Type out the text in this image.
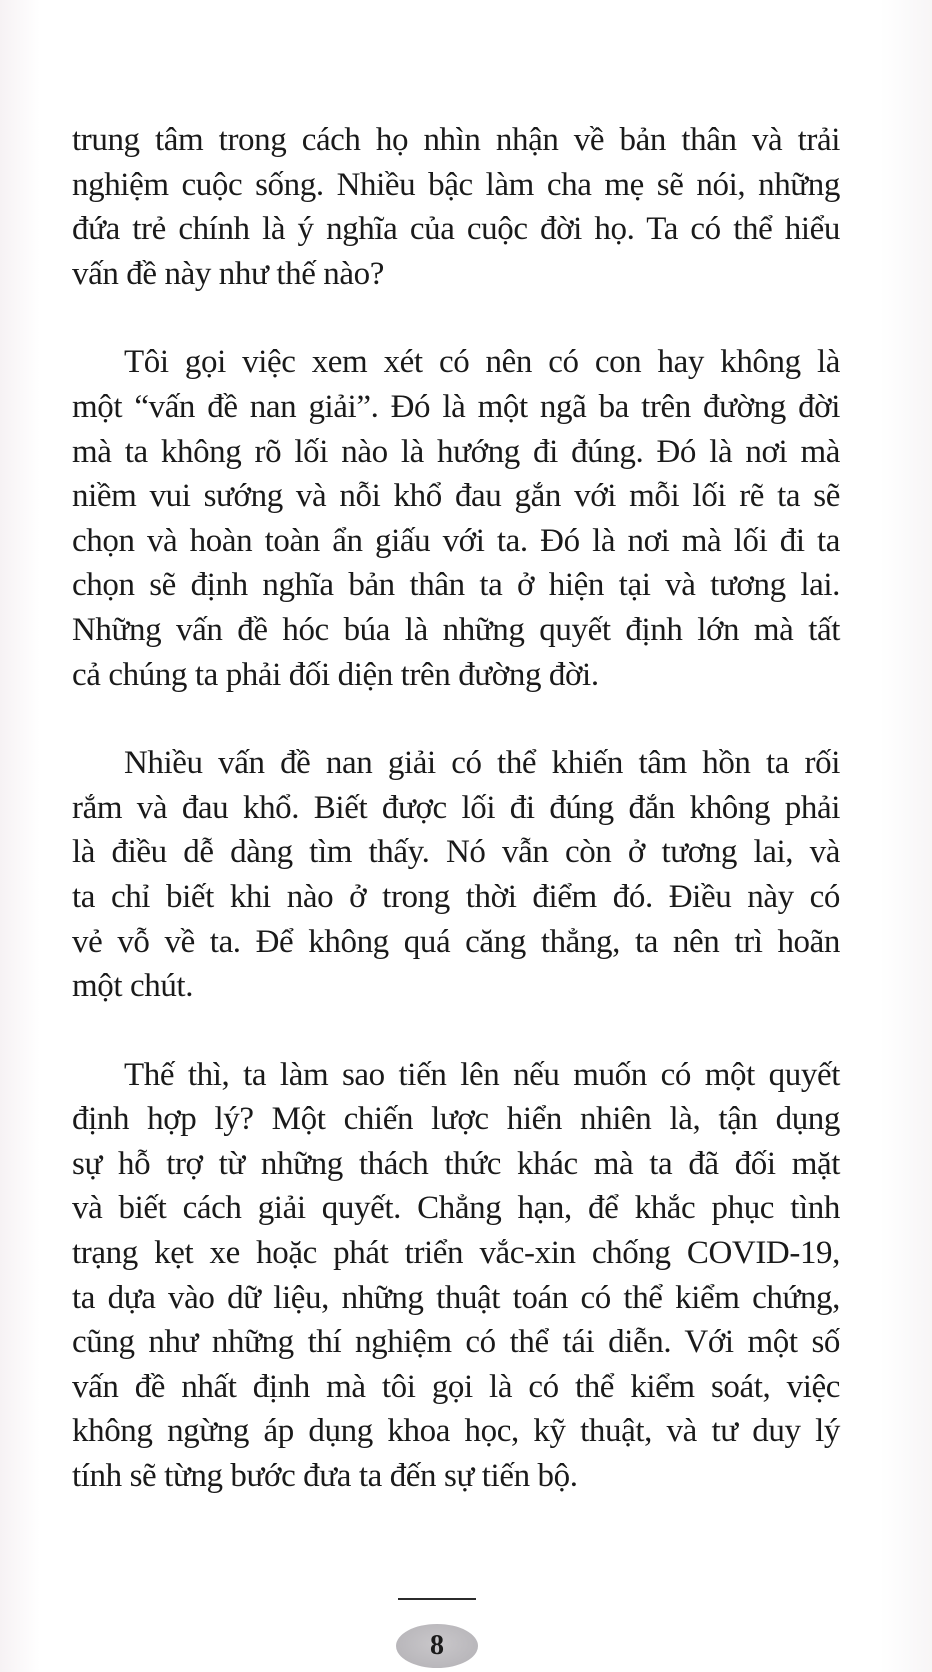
trung tâm trong cách họ nhìn nhận về bản thân và trải
nghiệm cuộc sống. Nhiều bậc làm cha mẹ sẽ nói, những
đứa trẻ chính là ý nghĩa của cuộc đời họ. Ta có thể hiểu
vấn đề này như thế nào?

Tôi gọi việc xem xét có nên có con hay không là
một “vấn đề nan giải”. Đó là một ngã ba trên đường đời
mà ta không rõ lối nào là hướng đi đúng. Đó là nơi mà
niềm vui sướng và nỗi khổ đau gắn với mỗi lối rẽ ta sẽ
chọn và hoàn toàn ẩn giấu với ta. Đó là nơi mà lối đi ta
chọn sẽ định nghĩa bản thân ta ở hiện tại và tương lai.
Những vấn đề hóc búa là những quyết định lớn mà tất
cả chúng ta phải đối diện trên đường đời.

Nhiều vấn đề nan giải có thể khiến tâm hồn ta rối
rắm và đau khổ. Biết được lối đi đúng đắn không phải
là điều dễ dàng tìm thấy. Nó vẫn còn ở tương lai, và
ta chỉ biết khi nào ở trong thời điểm đó. Điều này có
vẻ vỗ về ta. Để không quá căng thẳng, ta nên trì hoãn
một chút.

Thế thì, ta làm sao tiến lên nếu muốn có một quyết
định hợp lý? Một chiến lược hiển nhiên là, tận dụng
sự hỗ trợ từ những thách thức khác mà ta đã đối mặt
và biết cách giải quyết. Chẳng hạn, để khắc phục tình
trạng kẹt xe hoặc phát triển vắc-xin chống COVID-19,
ta dựa vào dữ liệu, những thuật toán có thể kiểm chứng,
cũng như những thí nghiệm có thể tái diễn. Với một số
vấn đề nhất định mà tôi gọi là có thể kiểm soát, việc
không ngừng áp dụng khoa học, kỹ thuật, và tư duy lý
tính sẽ từng bước đưa ta đến sự tiến bộ.

8
